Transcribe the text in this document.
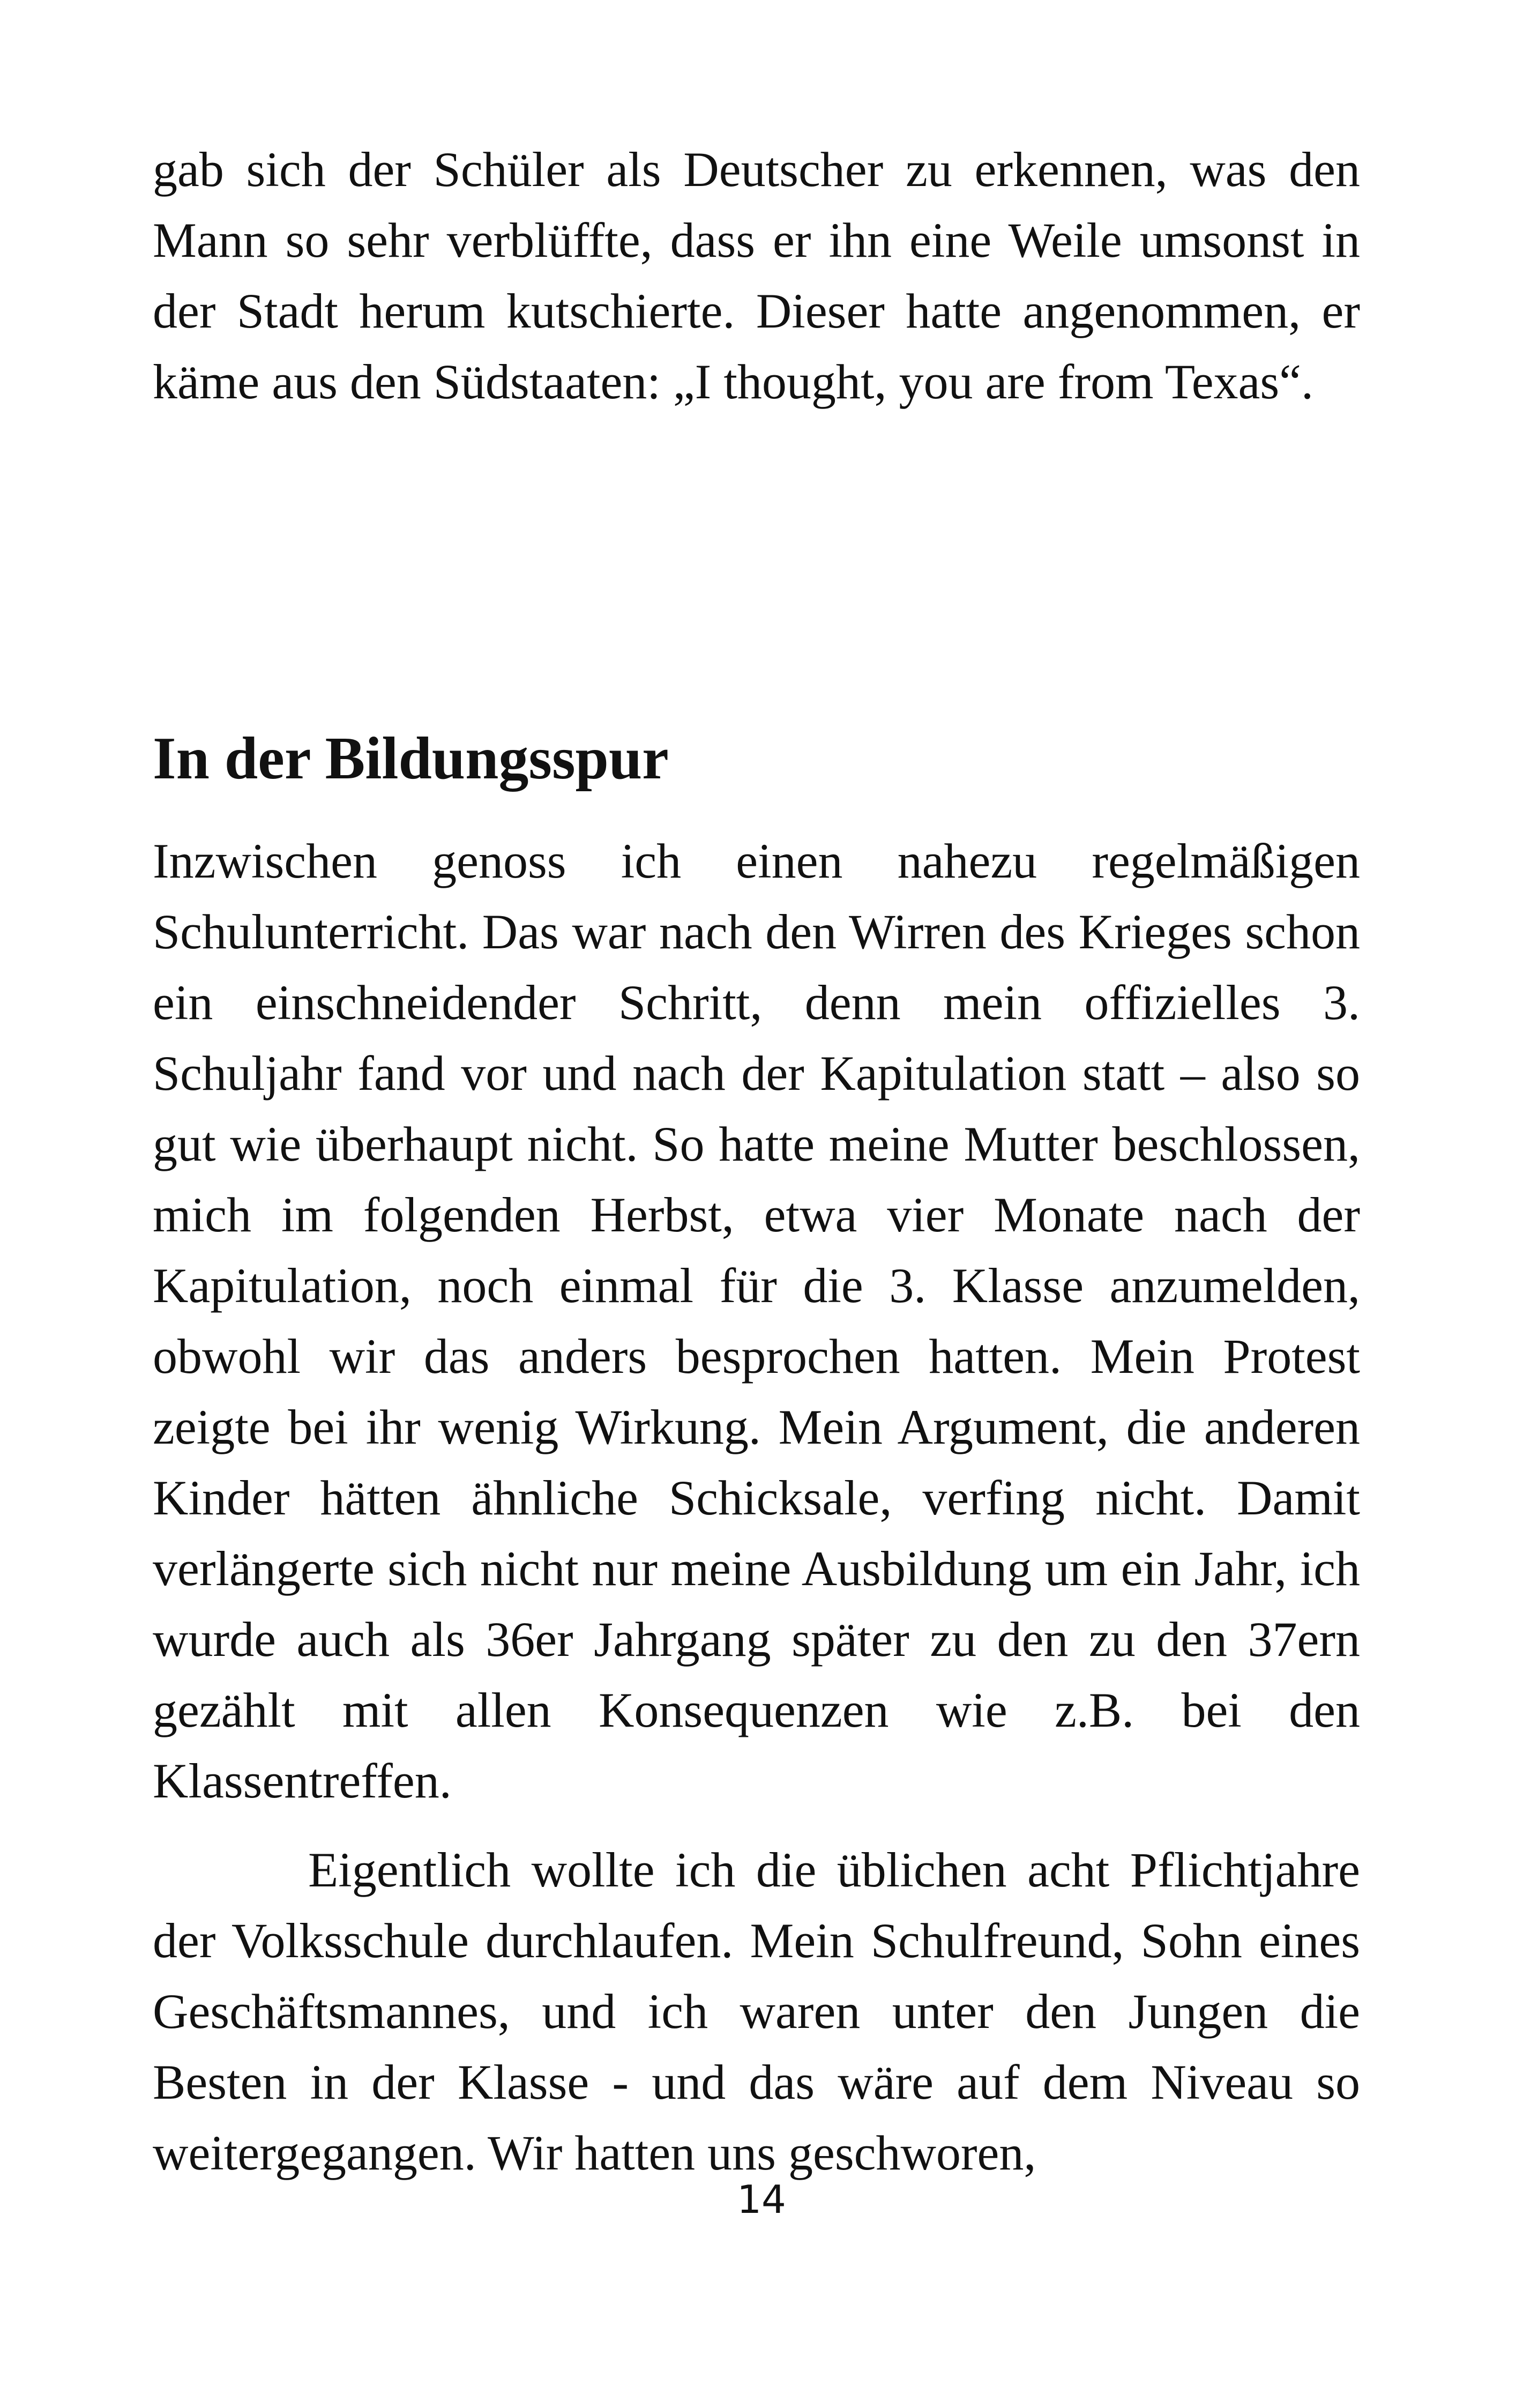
gab sich der Schüler als Deutscher zu erkennen, was den Mann so sehr verblüffte, dass er ihn eine Weile umsonst in der Stadt herum kutschierte. Dieser hatte angenommen, er käme aus den Südstaaten: „I thought, you are from Texas“.

In der Bildungsspur

Inzwischen genoss ich einen nahezu regelmäßigen Schulunterricht. Das war nach den Wirren des Krieges schon ein einschneidender Schritt, denn mein offizielles 3. Schuljahr fand vor und nach der Kapitulation statt – also so gut wie überhaupt nicht. So hatte meine Mutter beschlossen, mich im folgenden Herbst, etwa vier Monate nach der Kapitulation, noch einmal für die 3. Klasse anzumelden, obwohl wir das anders besprochen hatten. Mein Protest zeigte bei ihr wenig Wirkung. Mein Argument, die anderen Kinder hätten ähnliche Schicksale, verfing nicht. Damit verlängerte sich nicht nur meine Ausbildung um ein Jahr, ich wurde auch als 36er Jahrgang später zu den zu den 37ern gezählt mit allen Konsequenzen wie z.B. bei den Klassentreffen.

Eigentlich wollte ich die üblichen acht Pflichtjahre der Volksschule durchlaufen. Mein Schulfreund, Sohn eines Geschäftsmannes, und ich waren unter den Jungen die Besten in der Klasse - und das wäre auf dem Niveau so weitergegangen. Wir hatten uns geschworen,

14
